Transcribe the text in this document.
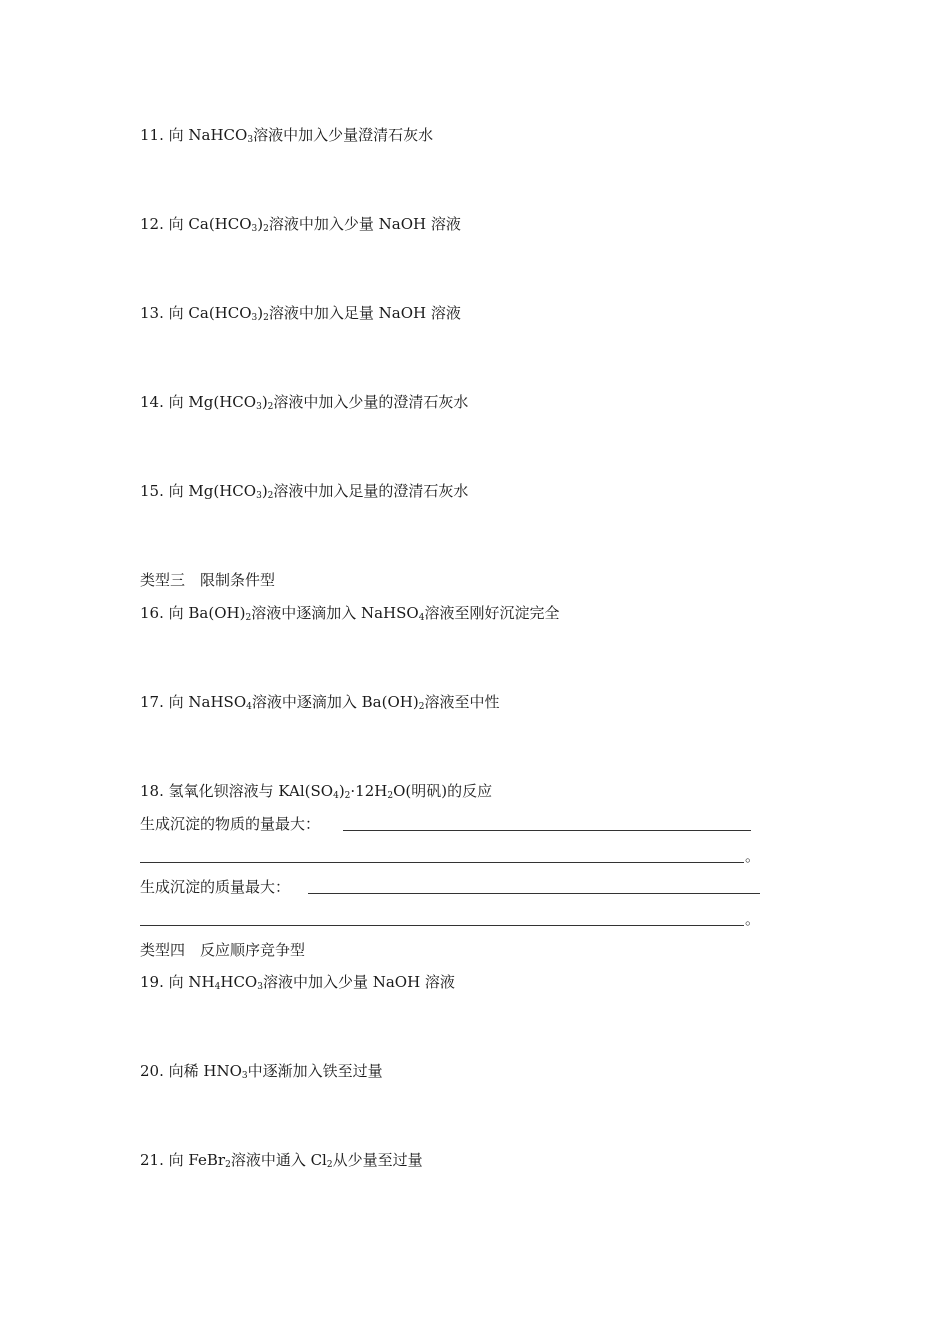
11. 向 NaHCO$_3$溶液中加入少量澄清石灰水
12. 向 $Ca(HCO_3)_2$溶液中加入少量 NaOH 溶液
13. 向 $Ca(HCO_3)_2$溶液中加入足量 NaOH 溶液
14. 向 $Mg(HCO_3)_2$溶液中加入少量的澄清石灰水
15. 向 $Mg(HCO_3)_2$溶液中加入足量的澄清石灰水
类型三　限制条件型
16. 向 $Ba(OH)_2$溶液中逐滴加入 NaHSO$_4$溶液至刚好沉淀完全
17. 向 NaHSO$_4$溶液中逐滴加入 $Ba(OH)_2$溶液至中性
18. 氢氧化钡溶液与 $KAl(SO_4)_2\cdot 12H_2O$(明矾)的反应
生成沉淀的物质的量最大：
。
生成沉淀的质量最大：
。
类型四　反应顺序竞争型
19. 向 $NH_4HCO_3$溶液中加入少量 NaOH 溶液
20. 向稀 $HNO_3$中逐渐加入铁至过量
21. 向 FeBr$_2$溶液中通入 $Cl_2$从少量至过量
